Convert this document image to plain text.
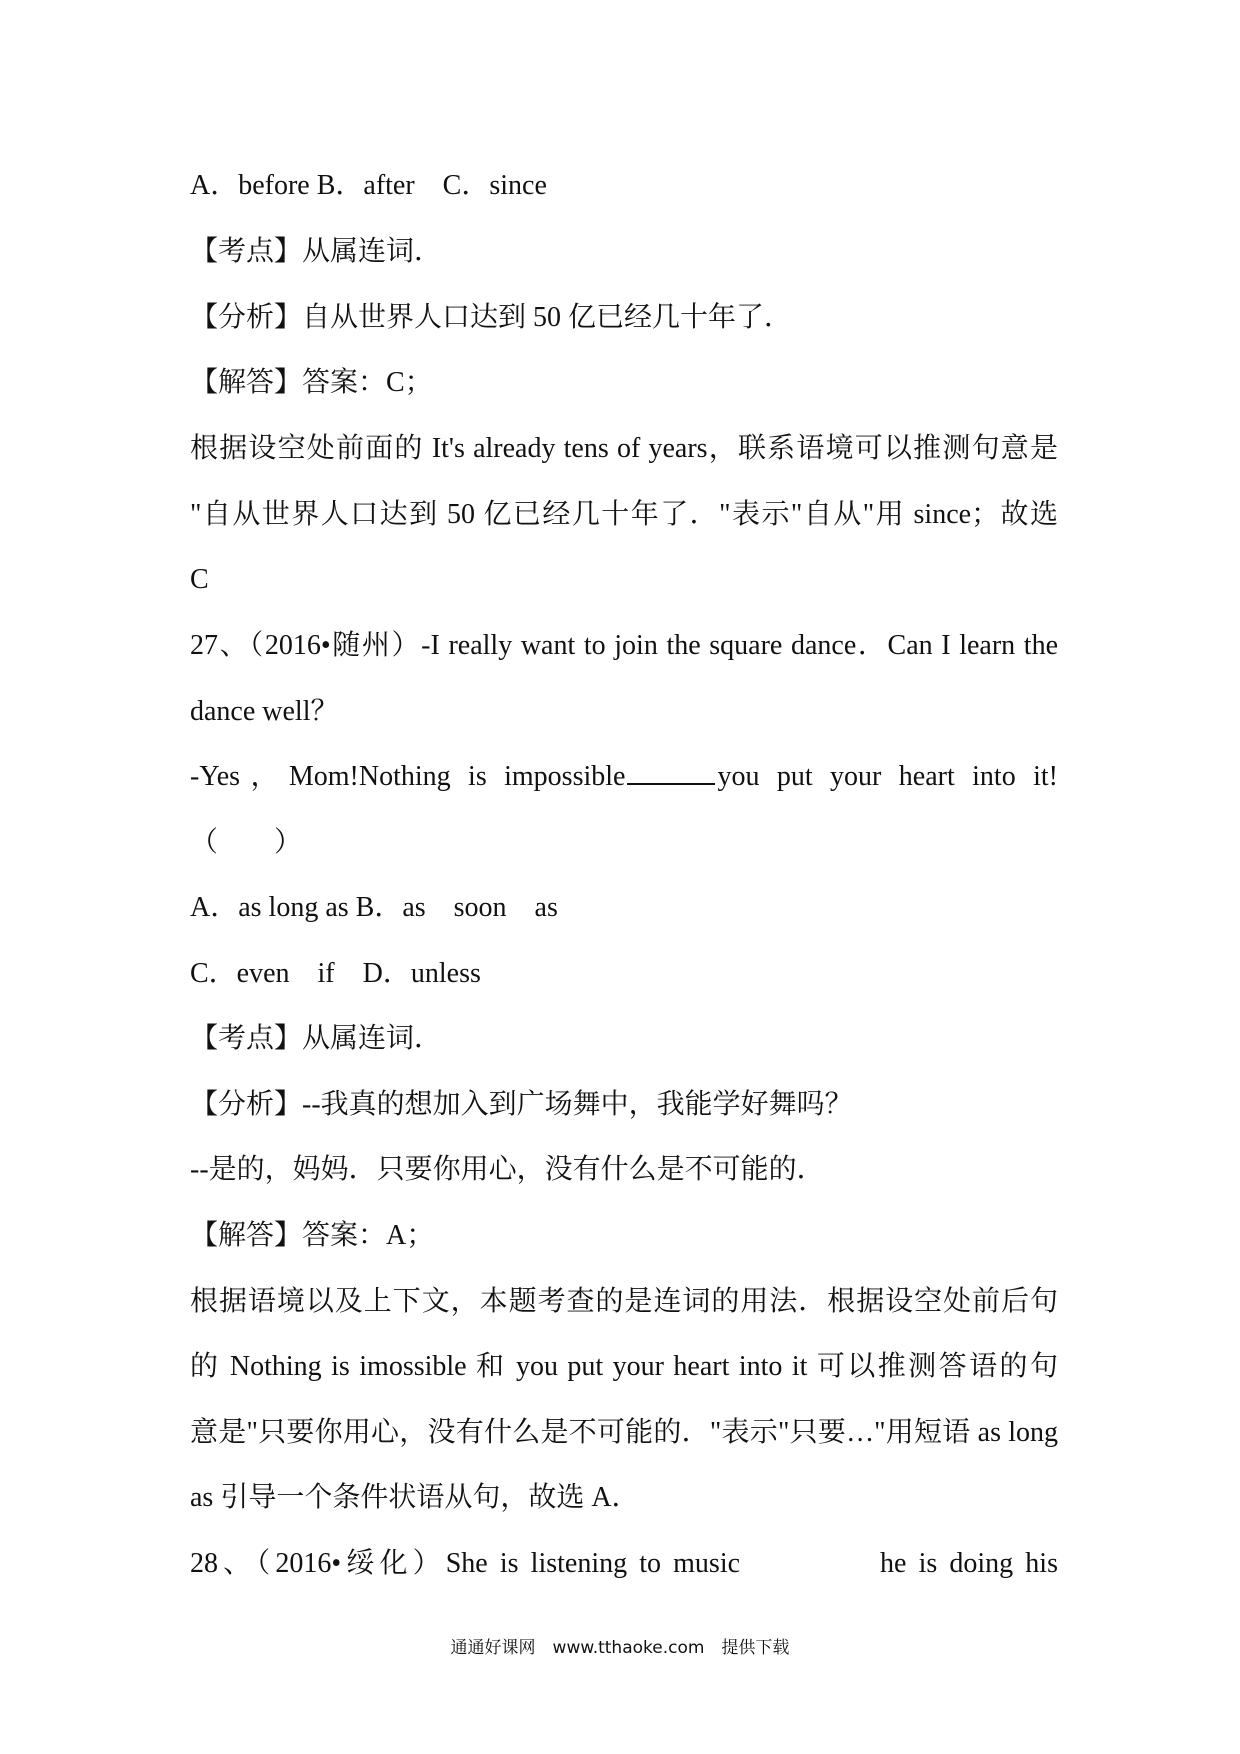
A．before B．after　C．since
【考点】从属连词．
【分析】自从世界人口达到 50 亿已经几十年了．
【解答】答案：C；
根据设空处前面的 It's already tens of years，联系语境可以推测句意是
"自从世界人口达到 50 亿已经几十年了．"表示"自从"用 since；故选
C
27、（2016•随州）-I really want to join the square dance．Can I learn the
dance well？
-Yes，Mom!Nothing is impossible	you put your heart into it!
（　　）
A．as long as B．as　soon　as
C．even　if　D．unless
【考点】从属连词．
【分析】--我真的想加入到广场舞中，我能学好舞吗？
--是的，妈妈．只要你用心，没有什么是不可能的．
【解答】答案：A；
根据语境以及上下文，本题考查的是连词的用法．根据设空处前后句
的 Nothing is imossible 和 you put your heart into it 可以推测答语的句
意是"只要你用心，没有什么是不可能的．"表示"只要…"用短语 as long
as 引导一个条件状语从句，故选 A．
28、（2016•绥化）She is listening to music	he is doing his
通通好课网　www.tthaoke.com　提供下载
